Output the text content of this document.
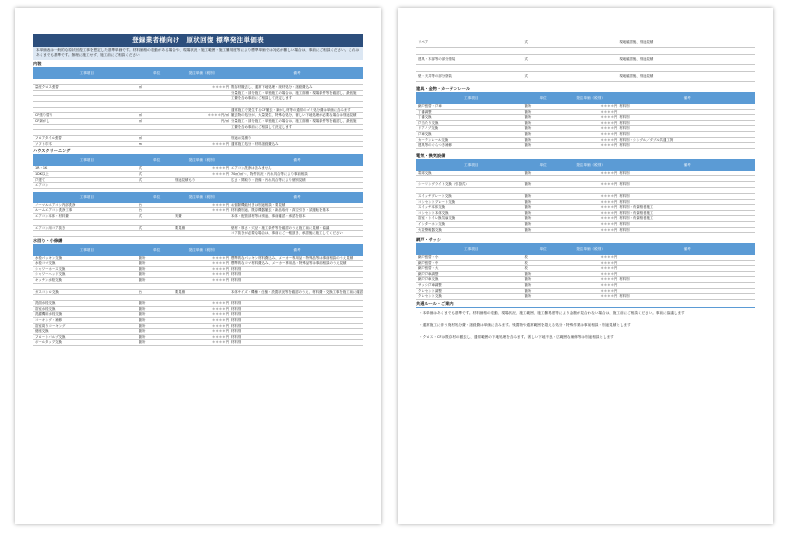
登録業者様向け　原状回復 標準発注単価表
本単価表は一般的な原状回復工事を想定した基準単価です。材料価格の変動がある場合や、現場状況・施工範囲・施工難易度等により標準単価では対応が難しい場合は、事前にご相談ください。これはあくまでも基準です。無理に施工せず、施工前にご相談ください
内装
工事項目	単位	発注単価（税別）	備考
量産クロス張替	㎡	＊＊＊＊円 既存材撤去し、通常下地処理・廃材処分・諸経費込み
分量施工・部分施工・単独施工の場合は、施工面積・現場条件等を確認し、最低施
工費を含め事前にご相談して決定します
通常施工で発生するCF撤去・剥がし材等の通常のゴミ処分費は単価に含みます
CF張り替り	㎡	＊＊＊＊円/㎡ 撤去物の処分が、大量発生、特殊な処分、著しい下地処理が必要な場合は別途見積
CF剥がし	㎡	円/㎡ 分量施工・部分施工・単独施工の場合は、施工面積・現場条件等を確認し、最低施
工費を含め事前にご相談して決定します
フロアタイル張替	㎡	別途お見積り
ソフト巾木	m	＊＊＊＊円 通常施工処分・材料諸経費込み
ハウスクリーニング
工事項目	単位	発注単価（税別）	備考
1R・1K	式	＊＊＊＊円 エアコン洗浄は含みません
1DK以上	式	＊＊＊＊円 70㎡/㎡～、物件状況・汚れ具合等により事前相談
戸建て	式	別途見積もり	広さ・間取り・設備・汚れ具合等により個別見積
エアコン
工事項目	単位	発注単価（税別）	備考
ノーマルエアコン内部洗浄	台	＊＊＊＊円 お掃除機能付きは別途相談・要見積
ルームエアコン洗浄工事	台	＊＊＊＊円 材料費別途、既存機器撤去・新品取付・真空引き・試運転を基本
エアコン本体・材料費	式	実費	本体・配管部材等は別途、事前確認・承認を基本
エアコン用コア抜き	式	要見積	壁材・厚さ・穴径・施工条件等を確認のうえ施工前に見積・協議
コア抜きが必要な場合は、事前にご一報頂き、承認後に施工してください
水回り・小修繕
工事項目	単位	発注単価（税別）	備考
水栓パッキン交換	箇所	＊＊＊＊円 標準的なパッキン材料費込み、メーカー専用品・特殊品等は事前相談のうえ見積
水栓コマ交換	箇所	＊＊＊＊円 標準的なコマ材料費込み、メーカー専用品・特殊品等は事前相談のうえ見積
シャワーホース交換	箇所	＊＊＊＊円 材料別
シャワーヘッド交換	箇所	＊＊＊＊円 材料別
キッチン水栓交換	箇所	＊＊＊＊円 材料別
ガスコンロ交換	台	要見積	本体サイズ・機種・仕様・設置状況等を確認のうえ、材料費・交換工事を施工前に確認
洗面水栓交換	箇所	＊＊＊＊円 材料別
浴室水栓交換	箇所	＊＊＊＊円 材料別
洗濯機用水栓交換	箇所	＊＊＊＊円 材料別
コーキング・補修	箇所	＊＊＊＊円 材料別
浴室周りコーキング	箇所	＊＊＊＊円 材料別
便座交換	箇所	＊＊＊＊円 材料別
フロートバルブ交換	箇所	＊＊＊＊円 材料別
ボールタップ交換	箇所	＊＊＊＊円 材料別
リペア	式	現地確認後、別途見積
建具・木部等の部分塗装	式	現地確認後、別途見積
壁・天井等の部分塗装	式	現地確認後、別途見積
建具・金物・カーテンレール
工事項目	単位	発注単価（税別）	備考
網戸張替・戸車	箇所	＊＊＊＊円 材料別
丁番調整	箇所	＊＊＊＊円
丁番交換	箇所	＊＊＊＊円 材料別
戸当たり交換	箇所	＊＊＊＊円 材料別
ドアノブ交換	箇所	＊＊＊＊円 材料別
戸車交換	箇所	＊＊＊＊円 材料別
カーテンレール交換	箇所	＊＊＊＊円 材料別・シングル／ダブル共通工賃
建具等のぐらつき補修	箇所	＊＊＊＊円 材料別
電気・換気設備
工事項目	単位	発注単価（税別）	備考
電球交換	箇所	＊＊＊＊円 材料別
シーリングライト交換（引掛式）	箇所	＊＊＊＊円 材料別
スイッチプレート交換	箇所	＊＊＊＊円 材料別
コンセントプレート交換	箇所	＊＊＊＊円 材料別
スイッチ本体交換	箇所	＊＊＊＊円 材料別・有資格者施工
コンセント本体交換	箇所	＊＊＊＊円 材料別・有資格者施工
浴室・トイレ換気扇交換	箇所	＊＊＊＊円 材料別・有資格者施工
インターホン交換	箇所	＊＊＊＊円 材料別
火災警報器交換	箇所	＊＊＊＊円 材料別
網戸・サッシ
工事項目	単位	発注単価（税別）	備考
網戸張替・小	枚	＊＊＊＊円
網戸張替・中	枚	＊＊＊＊円
網戸張替・大	枚	＊＊＊＊円
網戸戸車調整	箇所	＊＊＊＊円
網戸戸車交換	箇所	＊＊＊＊円 材料別
サッシ戸車調整	箇所	＊＊＊＊円
クレセント調整	箇所	＊＊＊＊円
クレセント交換	箇所	＊＊＊＊円 材料別
共通ルール・ご案内
・本単価はあくまでも基準です。材料価格の変動、現場状況、施工範囲、施工難易度等により金額が見合わない場合は、施工前にご相談ください。事前に協議します
・通常施工に伴う廃材処分費・諸経費は単価に含みます。残置物や通常範囲を超える処分・特殊作業は事前相談・別途見積とします
・クロス・CFは既存材の撤去し、通常範囲の下地処理を含みます。著しい下地不良・広範囲な補修等は別途相談とします
